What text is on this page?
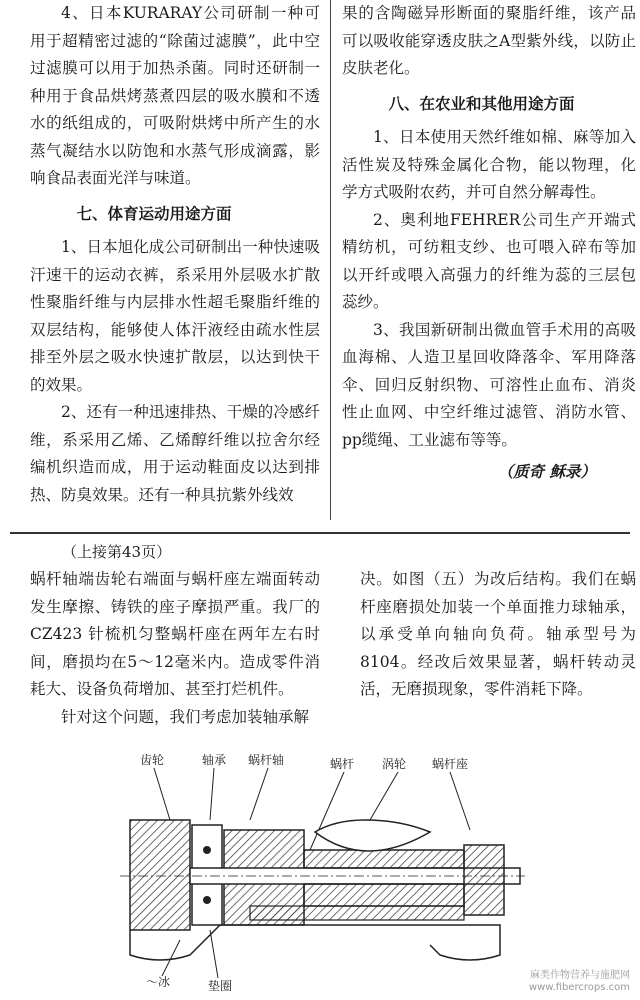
4、日本KURARAY公司研制一种可用于超精密过滤的“除菌过滤膜”，此中空过滤膜可以用于加热杀菌。同时还研制一种用于食品烘烤蒸煮四层的吸水膜和不透水的纸组成的，可吸附烘烤中所产生的水蒸气凝结水以防饱和水蒸气形成滴露，影响食品表面光洋与味道。

七、体育运动用途方面

1、日本旭化成公司研制出一种快速吸汗速干的运动衣裤，系采用外层吸水扩散性聚脂纤维与内层排水性超毛聚脂纤维的双层结构，能够使人体汗液经由疏水性层排至外层之吸水快速扩散层，以达到快干的效果。

2、还有一种迅速排热、干燥的冷感纤维，系采用乙烯、乙烯醇纤维以拉舍尔经编机织造而成，用于运动鞋面皮以达到排热、防臭效果。还有一种具抗紫外线效

果的含陶磁异形断面的聚脂纤维，该产品可以吸收能穿透皮肤之A型紫外线，以防止皮肤老化。

八、在农业和其他用途方面

1、日本使用天然纤维如棉、麻等加入活性炭及特殊金属化合物，能以物理，化学方式吸附农药，并可自然分解毒性。

2、奥利地FEHRER公司生产开端式精纺机，可纺粗支纱、也可喂入碎布等加以开纤或喂入高强力的纤维为蕊的三层包蕊纱。

3、我国新研制出微血管手术用的高吸血海棉、人造卫星回收降落伞、军用降落伞、回归反射织物、可溶性止血布、消炎性止血网、中空纤维过滤管、消防水管、pp缆绳、工业滤布等等。

（质奇 稣录）

（上接第43页）

蜗杆轴端齿轮右端面与蜗杆座左端面转动发生摩擦、铸铁的座子摩损严重。我厂的CZ423 针梳机匀整蜗杆座在两年左右时间，磨损均在5～12毫米内。造成零件消耗大、设备负荷增加、甚至打烂机件。

针对这个问题，我们考虑加装轴承解

决。如图（五）为改后结构。我们在蜗杆座磨损处加装一个单面推力球轴承，以承受单向轴向负荷。轴承型号为8104。经改后效果显著，蜗杆转动灵活，无磨损现象，零件消耗下降。

齿轮	轴承 蜗杆轴	蜗杆 涡轮 蜗杆座
～冰	垫圈
麻类作物营养与施肥网
www.fibercrops.com
